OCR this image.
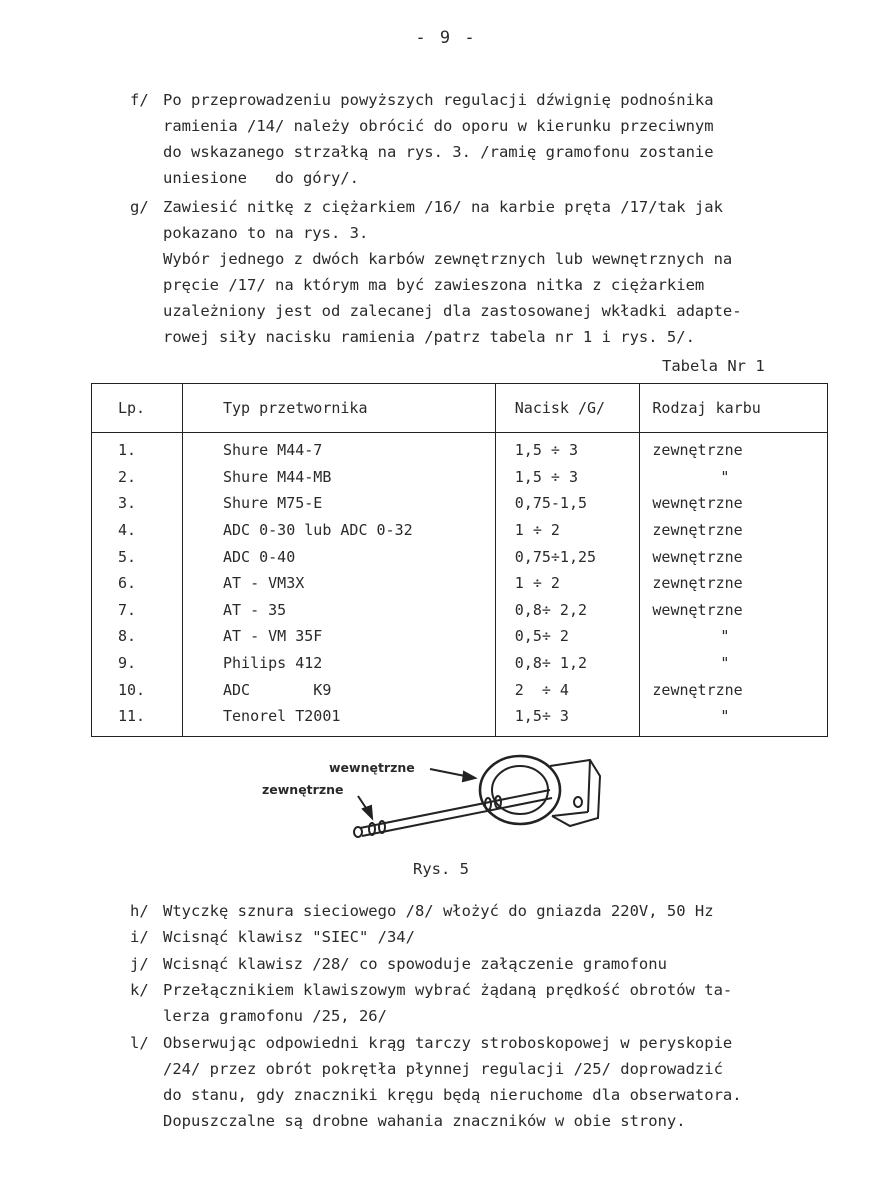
- 9 -
f/ Po przeprowadzeniu powyższych regulacji dźwignię podnośnika
ramienia /14/ należy obrócić do oporu w kierunku przeciwnym
do wskazanego strzałką na rys. 3. /ramię gramofonu zostanie
uniesione   do góry/.
g/ Zawiesić nitkę z ciężarkiem /16/ na karbie pręta /17/tak jak
pokazano to na rys. 3.
Wybór jednego z dwóch karbów zewnętrznych lub wewnętrznych na
pręcie /17/ na którym ma być zawieszona nitka z ciężarkiem
uzależniony jest od zalecanej dla zastosowanej wkładki adapte-
rowej siły nacisku ramienia /patrz tabela nr 1 i rys. 5/.
Tabela Nr 1
Lp.	Typ przetwornika	Nacisk /G/	Rodzaj karbu
1.	Shure M44-7	1,5 ÷ 3	zewnętrzne
2.	Shure M44-MB	1,5 ÷ 3	"
3.	Shure M75-E	0,75-1,5	wewnętrzne
4.	ADC 0-30 lub ADC 0-32	1 ÷ 2	zewnętrzne
5.	ADC 0-40	0,75÷1,25	wewnętrzne
6.	AT - VM3X	1 ÷ 2	zewnętrzne
7.	AT - 35	0,8÷ 2,2	wewnętrzne
8.	AT - VM 35F	0,5÷ 2	"
9.	Philips 412	0,8÷ 1,2	"
10.	ADC       K9	2  ÷ 4	zewnętrzne
11.	Tenorel T2001	1,5÷ 3	"
wewnętrzne
zewnętrzne
Rys. 5
h/ Wtyczkę sznura sieciowego /8/ włożyć do gniazda 220V, 50 Hz
i/ Wcisnąć klawisz "SIEC" /34/
j/ Wcisnąć klawisz /28/ co spowoduje załączenie gramofonu
k/ Przełącznikiem klawiszowym wybrać żądaną prędkość obrotów ta-
lerza gramofonu /25, 26/
l/ Obserwując odpowiedni krąg tarczy stroboskopowej w peryskopie
/24/ przez obrót pokrętła płynnej regulacji /25/ doprowadzić
do stanu, gdy znaczniki kręgu będą nieruchome dla obserwatora.
Dopuszczalne są drobne wahania znaczników w obie strony.
